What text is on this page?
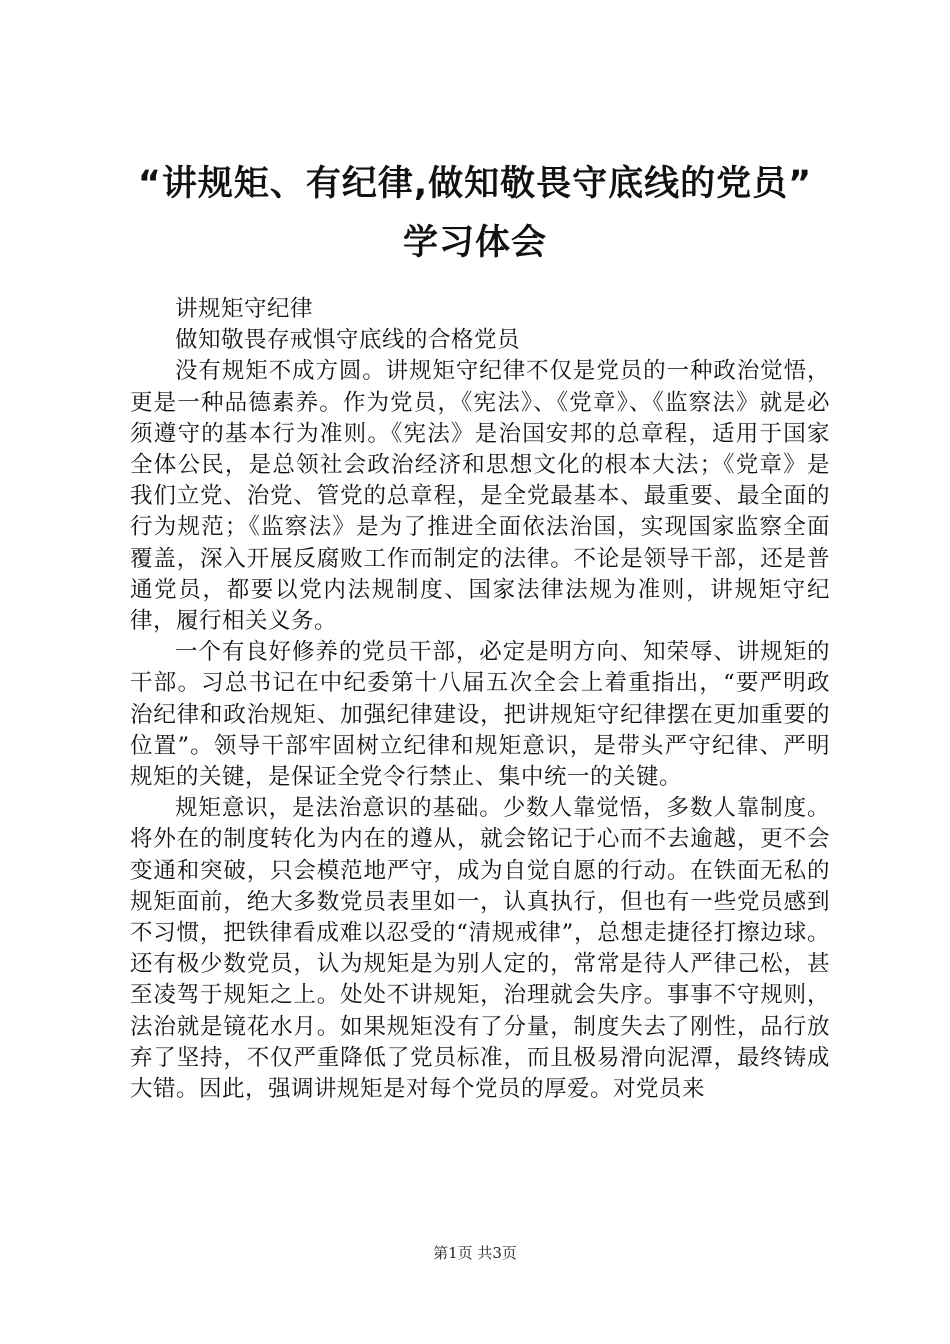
“讲规矩、有纪律,做知敬畏守底线的党员”
学习体会

讲规矩守纪律

做知敬畏存戒惧守底线的合格党员

没有规矩不成方圆。讲规矩守纪律不仅是党员的一种政治觉悟，更是一种品德素养。作为党员，《宪法》、《党章》、《监察法》就是必须遵守的基本行为准则。《宪法》是治国安邦的总章程，适用于国家全体公民，是总领社会政治经济和思想文化的根本大法；《党章》是我们立党、治党、管党的总章程，是全党最基本、最重要、最全面的行为规范；《监察法》是为了推进全面依法治国，实现国家监察全面覆盖，深入开展反腐败工作而制定的法律。不论是领导干部，还是普通党员，都要以党内法规制度、国家法律法规为准则，讲规矩守纪律，履行相关义务。

一个有良好修养的党员干部，必定是明方向、知荣辱、讲规矩的干部。习总书记在中纪委第十八届五次全会上着重指出，“要严明政治纪律和政治规矩、加强纪律建设，把讲规矩守纪律摆在更加重要的位置”。领导干部牢固树立纪律和规矩意识，是带头严守纪律、严明规矩的关键，是保证全党令行禁止、集中统一的关键。

规矩意识，是法治意识的基础。少数人靠觉悟，多数人靠制度。将外在的制度转化为内在的遵从，就会铭记于心而不去逾越，更不会变通和突破，只会模范地严守，成为自觉自愿的行动。在铁面无私的规矩面前，绝大多数党员表里如一，认真执行，但也有一些党员感到不习惯，把铁律看成难以忍受的“清规戒律”，总想走捷径打擦边球。还有极少数党员，认为规矩是为别人定的，常常是待人严律己松，甚至凌驾于规矩之上。处处不讲规矩，治理就会失序。事事不守规则，法治就是镜花水月。如果规矩没有了分量，制度失去了刚性，品行放弃了坚持，不仅严重降低了党员标准，而且极易滑向泥潭，最终铸成大错。因此，强调讲规矩是对每个党员的厚爱。对党员来

第1页 共3页
